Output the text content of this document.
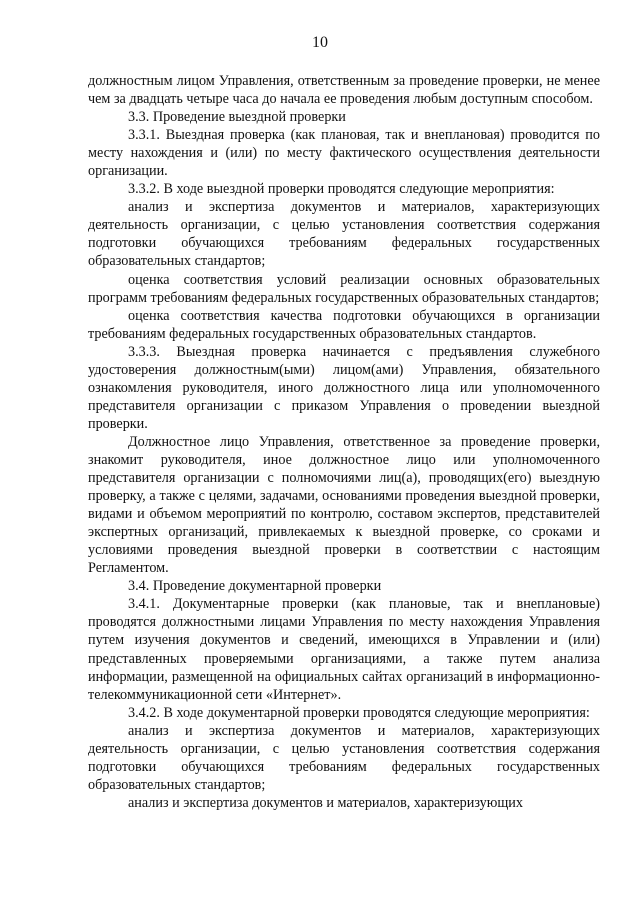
10

должностным лицом Управления, ответственным за проведение проверки, не менее чем за двадцать четыре часа до начала ее проведения любым доступным способом.

3.3. Проведение выездной проверки

3.3.1. Выездная проверка (как плановая, так и внеплановая) проводится по месту нахождения и (или) по месту фактического осуществления деятельности организации.

3.3.2. В ходе выездной проверки проводятся следующие мероприятия:

анализ и экспертиза документов и материалов, характеризующих деятельность организации, с целью установления соответствия содержания подготовки обучающихся требованиям федеральных государственных образовательных стандартов;

оценка соответствия условий реализации основных образовательных программ требованиям федеральных государственных образовательных стандартов;

оценка соответствия качества подготовки обучающихся в организации требованиям федеральных государственных образовательных стандартов.

3.3.3. Выездная проверка начинается с предъявления служебного удостоверения должностным(ыми) лицом(ами) Управления, обязательного ознакомления руководителя, иного должностного лица или уполномоченного представителя организации с приказом Управления о проведении выездной проверки.

Должностное лицо Управления, ответственное за проведение проверки, знакомит руководителя, иное должностное лицо или уполномоченного представителя организации с полномочиями лиц(а), проводящих(его) выездную проверку, а также с целями, задачами, основаниями проведения выездной проверки, видами и объемом мероприятий по контролю, составом экспертов, представителей экспертных организаций, привлекаемых к выездной проверке, со сроками и условиями проведения выездной проверки в соответствии с настоящим Регламентом.

3.4. Проведение документарной проверки

3.4.1. Документарные проверки (как плановые, так и внеплановые) проводятся должностными лицами Управления по месту нахождения Управления путем изучения документов и сведений, имеющихся в Управлении и (или) представленных проверяемыми организациями, а также путем анализа информации, размещенной на официальных сайтах организаций в информационно-телекоммуникационной сети «Интернет».

3.4.2. В ходе документарной проверки проводятся следующие мероприятия:

анализ и экспертиза документов и материалов, характеризующих деятельность организации, с целью установления соответствия содержания подготовки обучающихся требованиям федеральных государственных образовательных стандартов;

анализ и экспертиза документов и материалов, характеризующих
